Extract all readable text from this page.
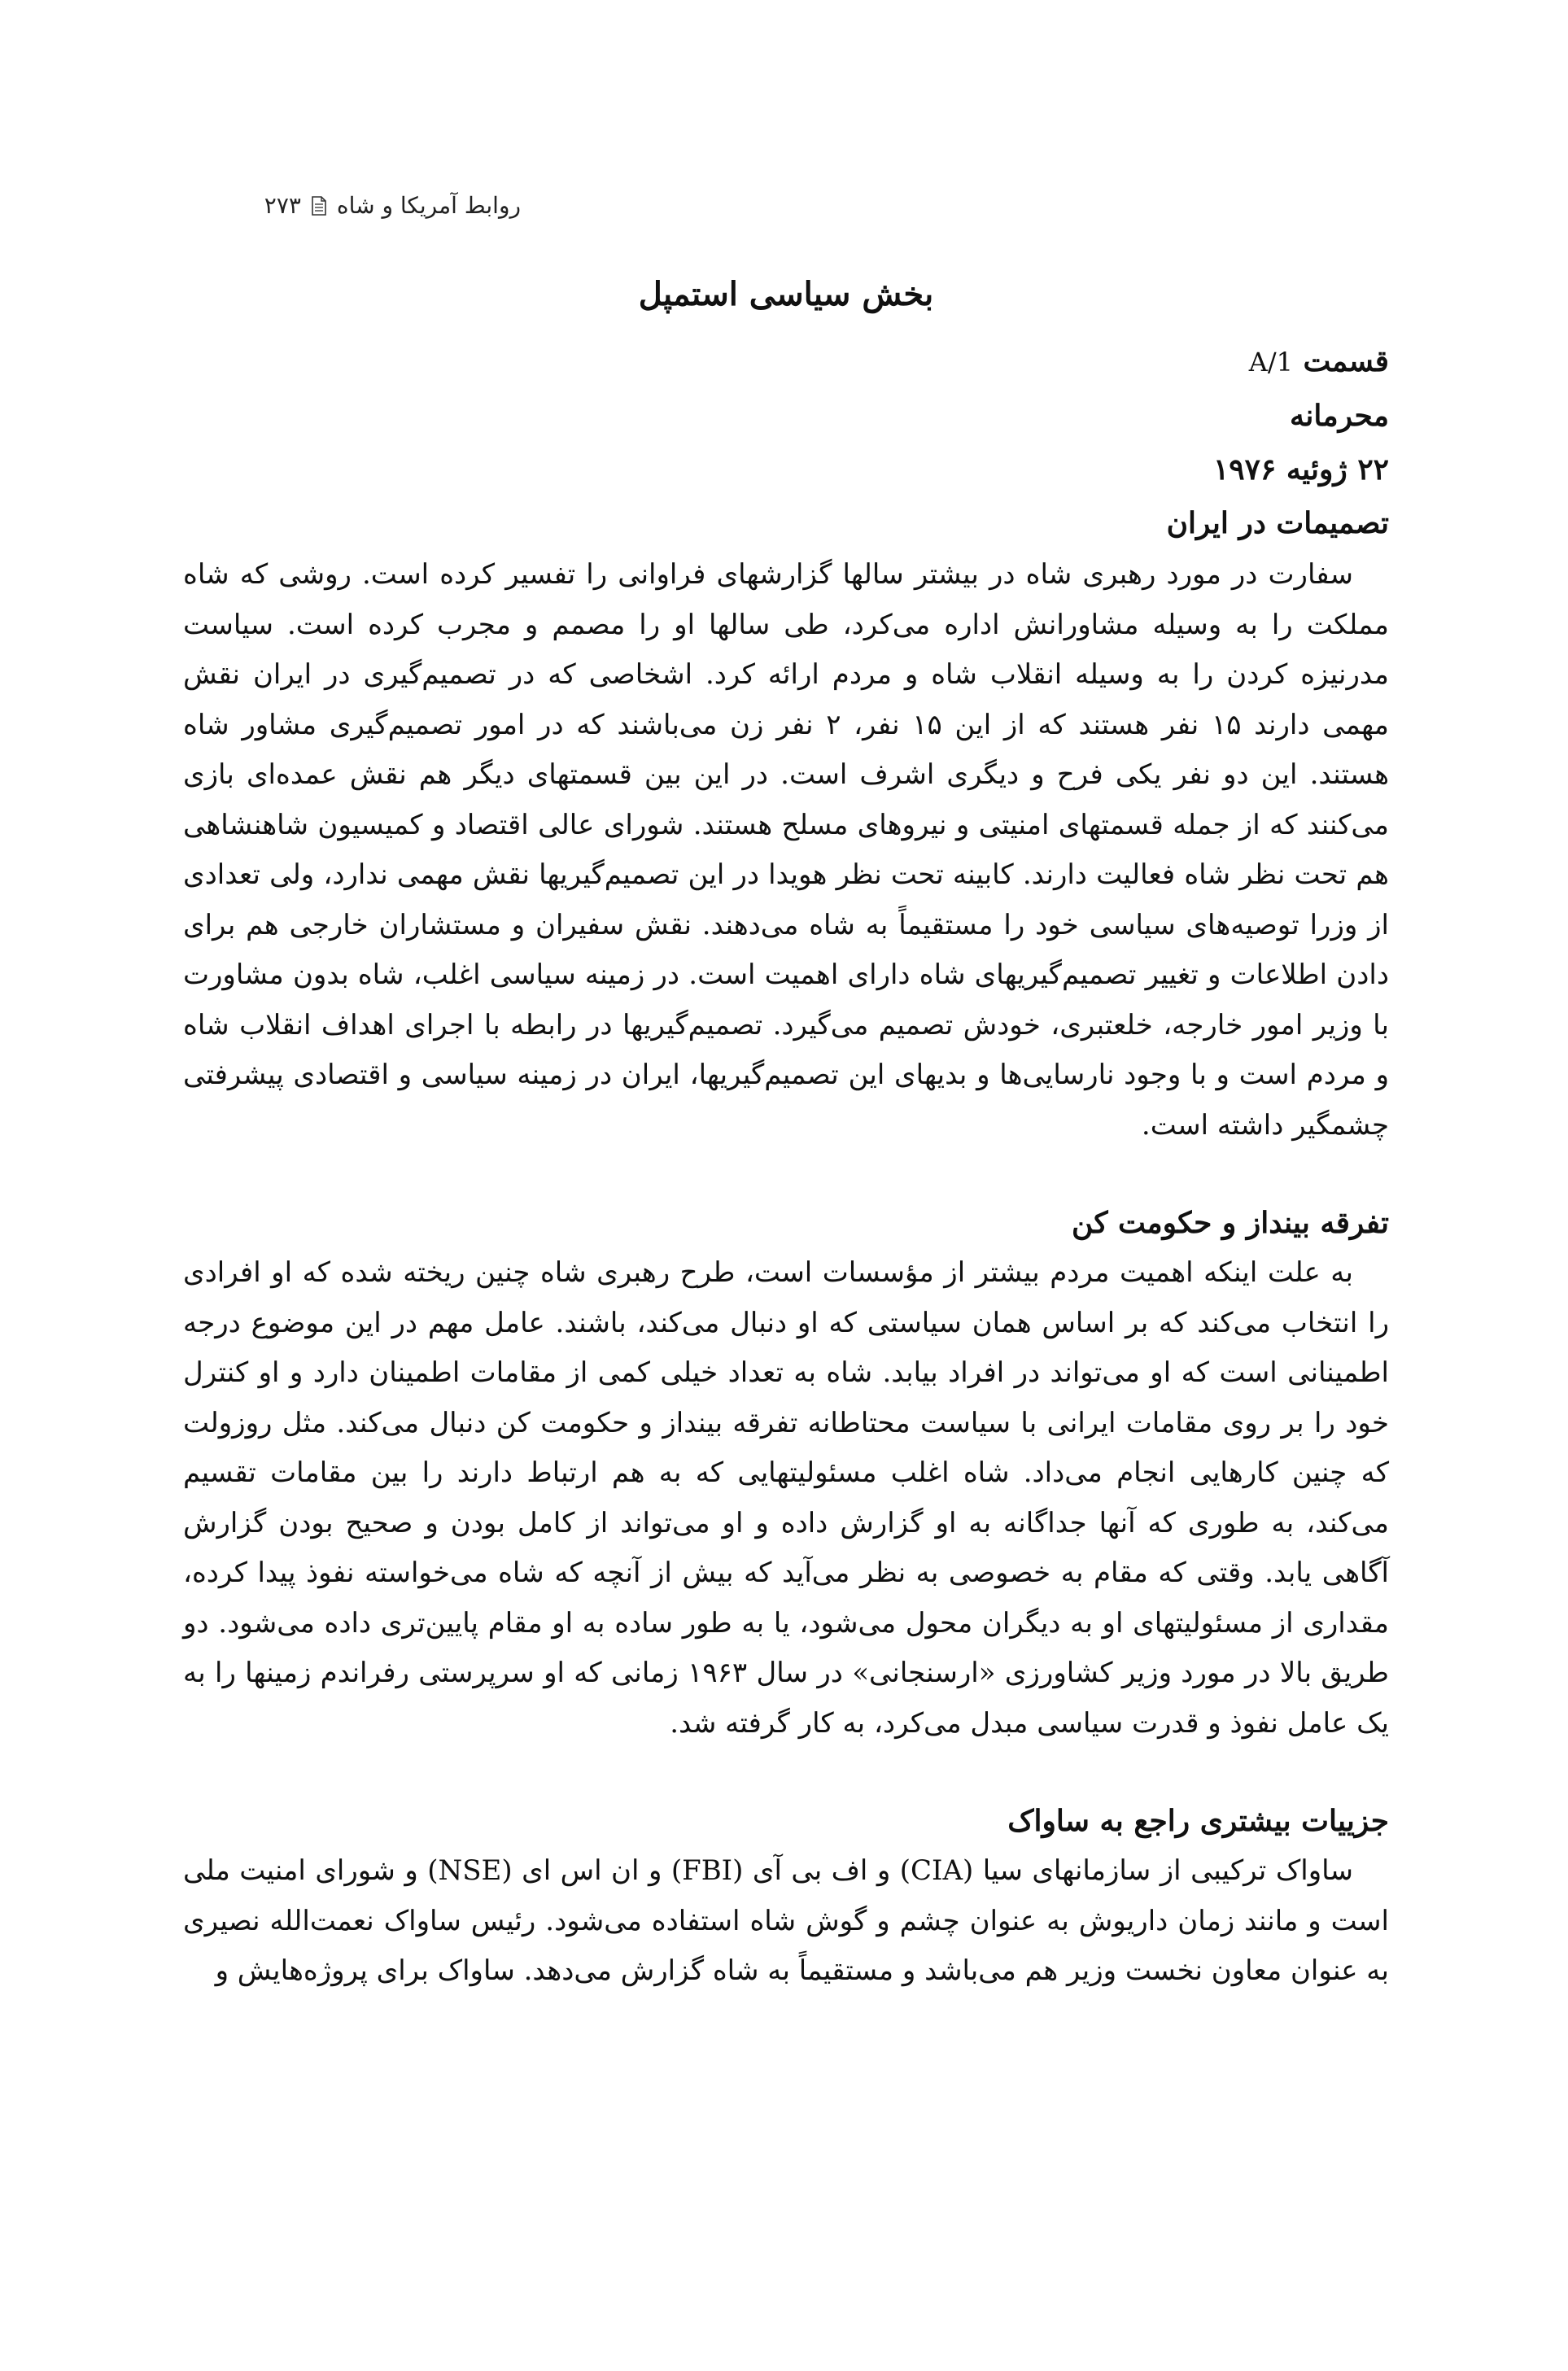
روابط آمریکا و شاه
۲۷۳
بخش سیاسی استمپل
قسمت A/1
محرمانه
۲۲ ژوئیه ۱۹۷۶
تصمیمات در ایران

سفارت در مورد رهبری شاه در بیشتر سالها گزارشهای فراوانی را تفسیر کرده است. روشی که شاه مملکت را به وسیله مشاورانش اداره می‌کرد، طی سالها او را مصمم و مجرب کرده است. سیاست مدرنیزه کردن را به وسیله انقلاب شاه و مردم ارائه کرد. اشخاصی که در تصمیم‌گیری در ایران نقش مهمی دارند ۱۵ نفر هستند که از این ۱۵ نفر، ۲ نفر زن می‌باشند که در امور تصمیم‌گیری مشاور شاه هستند. این دو نفر یکی فرح و دیگری اشرف است. در این بین قسمتهای دیگر هم نقش عمده‌ای بازی می‌کنند که از جمله قسمتهای امنیتی و نیروهای مسلح هستند. شورای عالی اقتصاد و کمیسیون شاهنشاهی هم تحت نظر شاه فعالیت دارند. کابینه تحت نظر هویدا در این تصمیم‌گیریها نقش مهمی ندارد، ولی تعدادی از وزرا توصیه‌های سیاسی خود را مستقیماً به شاه می‌دهند. نقش سفیران و مستشاران خارجی هم برای دادن اطلاعات و تغییر تصمیم‌گیریهای شاه دارای اهمیت است. در زمینه سیاسی اغلب، شاه بدون مشاورت با وزیر امور خارجه، خلعتبری، خودش تصمیم می‌گیرد. تصمیم‌گیریها در رابطه با اجرای اهداف انقلاب شاه و مردم است و با وجود نارسایی‌ها و بدیهای این تصمیم‌گیریها، ایران در زمینه سیاسی و اقتصادی پیشرفتی چشمگیر داشته است.

تفرقه بینداز و حکومت کن

به علت اینکه اهمیت مردم بیشتر از مؤسسات است، طرح رهبری شاه چنین ریخته شده که او افرادی را انتخاب می‌کند که بر اساس همان سیاستی که او دنبال می‌کند، باشند. عامل مهم در این موضوع درجه اطمینانی است که او می‌تواند در افراد بیابد. شاه به تعداد خیلی کمی از مقامات اطمینان دارد و او کنترل خود را بر روی مقامات ایرانی با سیاست محتاطانه تفرقه بینداز و حکومت کن دنبال می‌کند. مثل روزولت که چنین کارهایی انجام می‌داد. شاه اغلب مسئولیتهایی که به هم ارتباط دارند را بین مقامات تقسیم می‌کند، به طوری که آنها جداگانه به او گزارش داده و او می‌تواند از کامل بودن و صحیح بودن گزارش آگاهی یابد. وقتی که مقام به خصوصی به نظر می‌آید که بیش از آنچه که شاه می‌خواسته نفوذ پیدا کرده، مقداری از مسئولیتهای او به دیگران محول می‌شود، یا به طور ساده به او مقام پایین‌تری داده می‌شود. دو طریق بالا در مورد وزیر کشاورزی «ارسنجانی» در سال ۱۹۶۳ زمانی که او سرپرستی رفراندم زمینها را به یک عامل نفوذ و قدرت سیاسی مبدل می‌کرد، به کار گرفته شد.

جزییات بیشتری راجع به ساواک

ساواک ترکیبی از سازمانهای سیا (CIA) و اف بی آی (FBI) و ان اس ای (NSE) و شورای امنیت ملی است و مانند زمان داریوش به عنوان چشم و گوش شاه استفاده می‌شود. رئیس ساواک نعمت‌الله نصیری به عنوان معاون نخست وزیر هم می‌باشد و مستقیماً به شاه گزارش می‌دهد. ساواک برای پروژه‌هایش و
